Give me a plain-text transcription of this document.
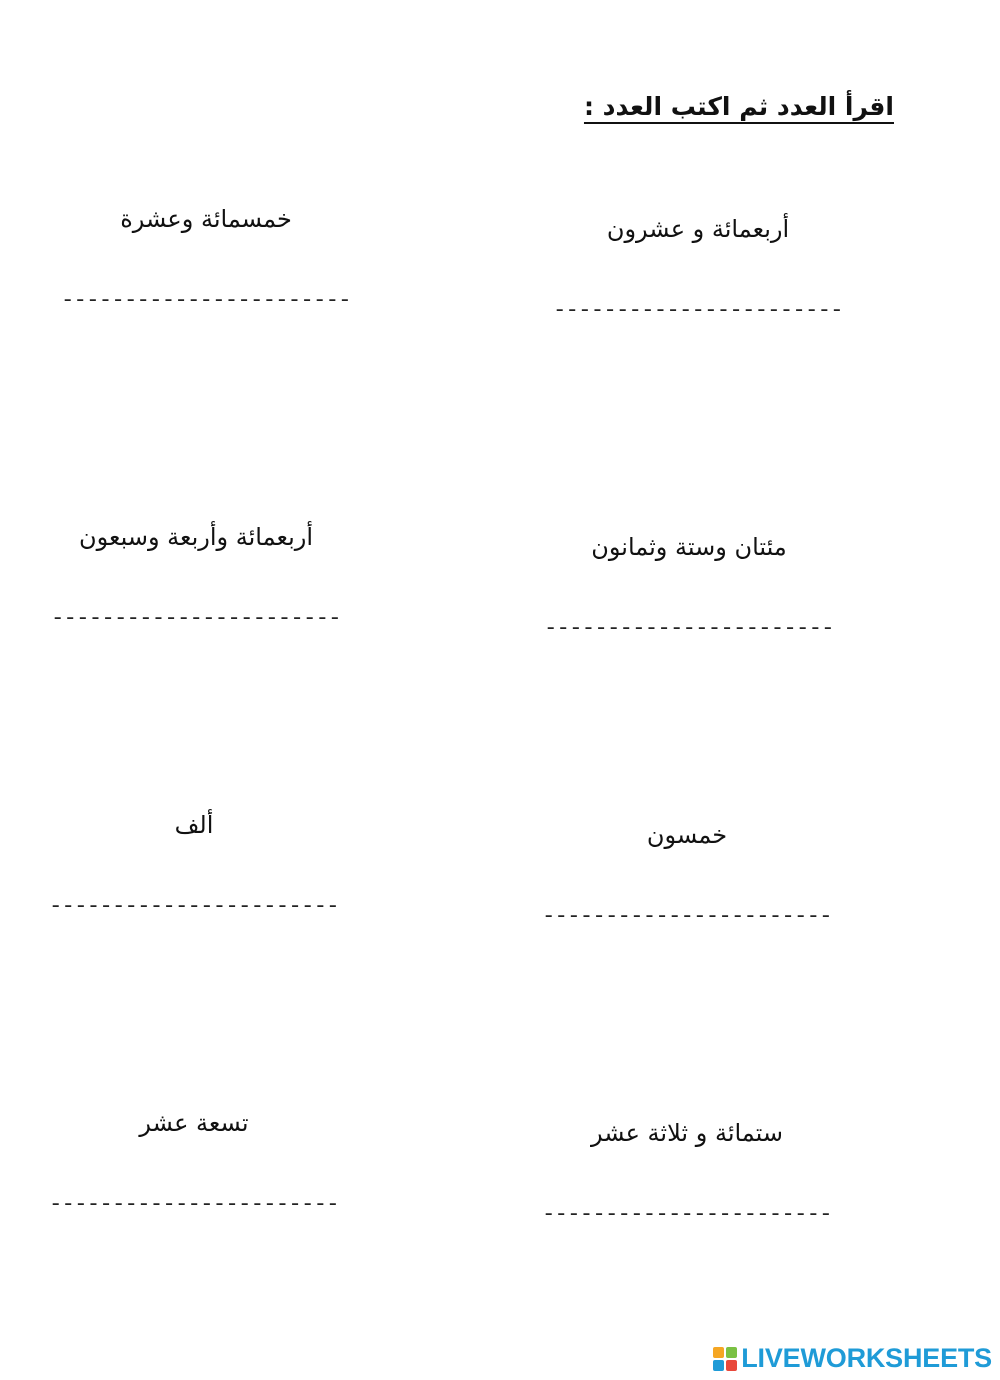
اقرأ العدد ثم اكتب العدد :
أربعمائة و عشرون
-----------------------
خمسمائة وعشرة
-----------------------
مئتان وستة وثمانون
-----------------------
أربعمائة وأربعة وسبعون
-----------------------
خمسون
-----------------------
ألف
-----------------------
ستمائة و ثلاثة عشر
-----------------------
تسعة عشر
-----------------------
LIVEWORKSHEETS
